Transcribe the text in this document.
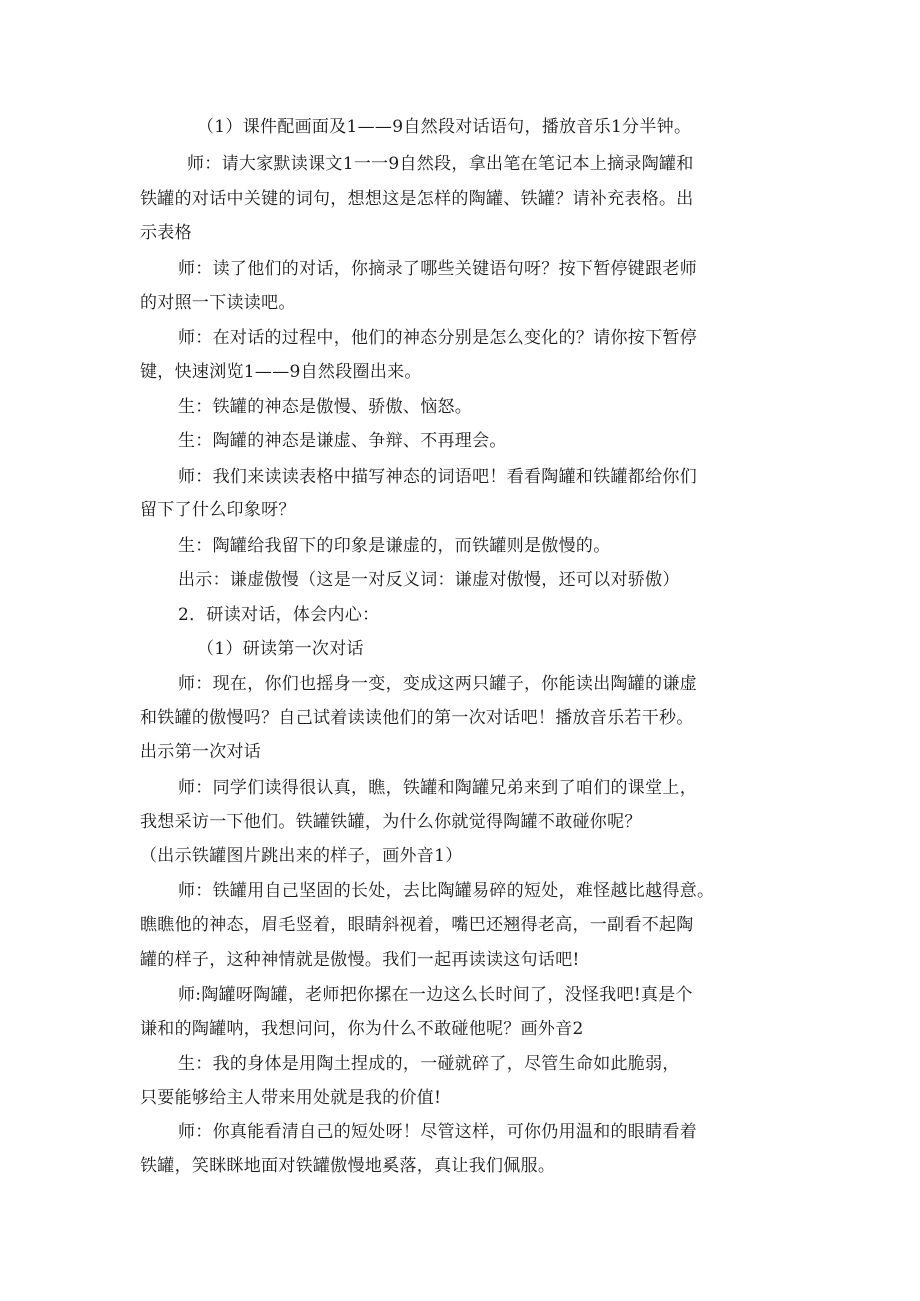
（1）课件配画面及1——9自然段对话语句，播放音乐1分半钟。
师：请大家默读课文1一一9自然段，拿出笔在笔记本上摘录陶罐和
铁罐的对话中关键的词句，想想这是怎样的陶罐、铁罐？请补充表格。出
示表格
师：读了他们的对话，你摘录了哪些关键语句呀？按下暂停键跟老师
的对照一下读读吧。
师：在对话的过程中，他们的神态分别是怎么变化的？请你按下暂停
键，快速浏览1——9自然段圈出来。
生：铁罐的神态是傲慢、骄傲、恼怒。
生：陶罐的神态是谦虚、争辩、不再理会。
师：我们来读读表格中描写神态的词语吧！看看陶罐和铁罐都给你们
留下了什么印象呀？
生：陶罐给我留下的印象是谦虚的，而铁罐则是傲慢的。
出示：谦虚傲慢（这是一对反义词：谦虚对傲慢，还可以对骄傲）
2．研读对话，体会内心：
（1）研读第一次对话
师：现在，你们也摇身一变，变成这两只罐子，你能读出陶罐的谦虚
和铁罐的傲慢吗？自己试着读读他们的第一次对话吧！播放音乐若干秒。
出示第一次对话
师：同学们读得很认真，瞧，铁罐和陶罐兄弟来到了咱们的课堂上，
我想采访一下他们。铁罐铁罐，为什么你就觉得陶罐不敢碰你呢？
（出示铁罐图片跳出来的样子，画外音1）
师：铁罐用自己坚固的长处，去比陶罐易碎的短处，难怪越比越得意。
瞧瞧他的神态，眉毛竖着，眼睛斜视着，嘴巴还翘得老高，一副看不起陶
罐的样子，这种神情就是傲慢。我们一起再读读这句话吧!
师:陶罐呀陶罐，老师把你摞在一边这么长时间了，没怪我吧!真是个
谦和的陶罐呐，我想问问，你为什么不敢碰他呢？画外音2
生：我的身体是用陶土捏成的，一碰就碎了，尽管生命如此脆弱，
只要能够给主人带来用处就是我的价值!
师：你真能看清自己的短处呀！尽管这样，可你仍用温和的眼睛看着
铁罐，笑眯眯地面对铁罐傲慢地奚落，真让我们佩服。
